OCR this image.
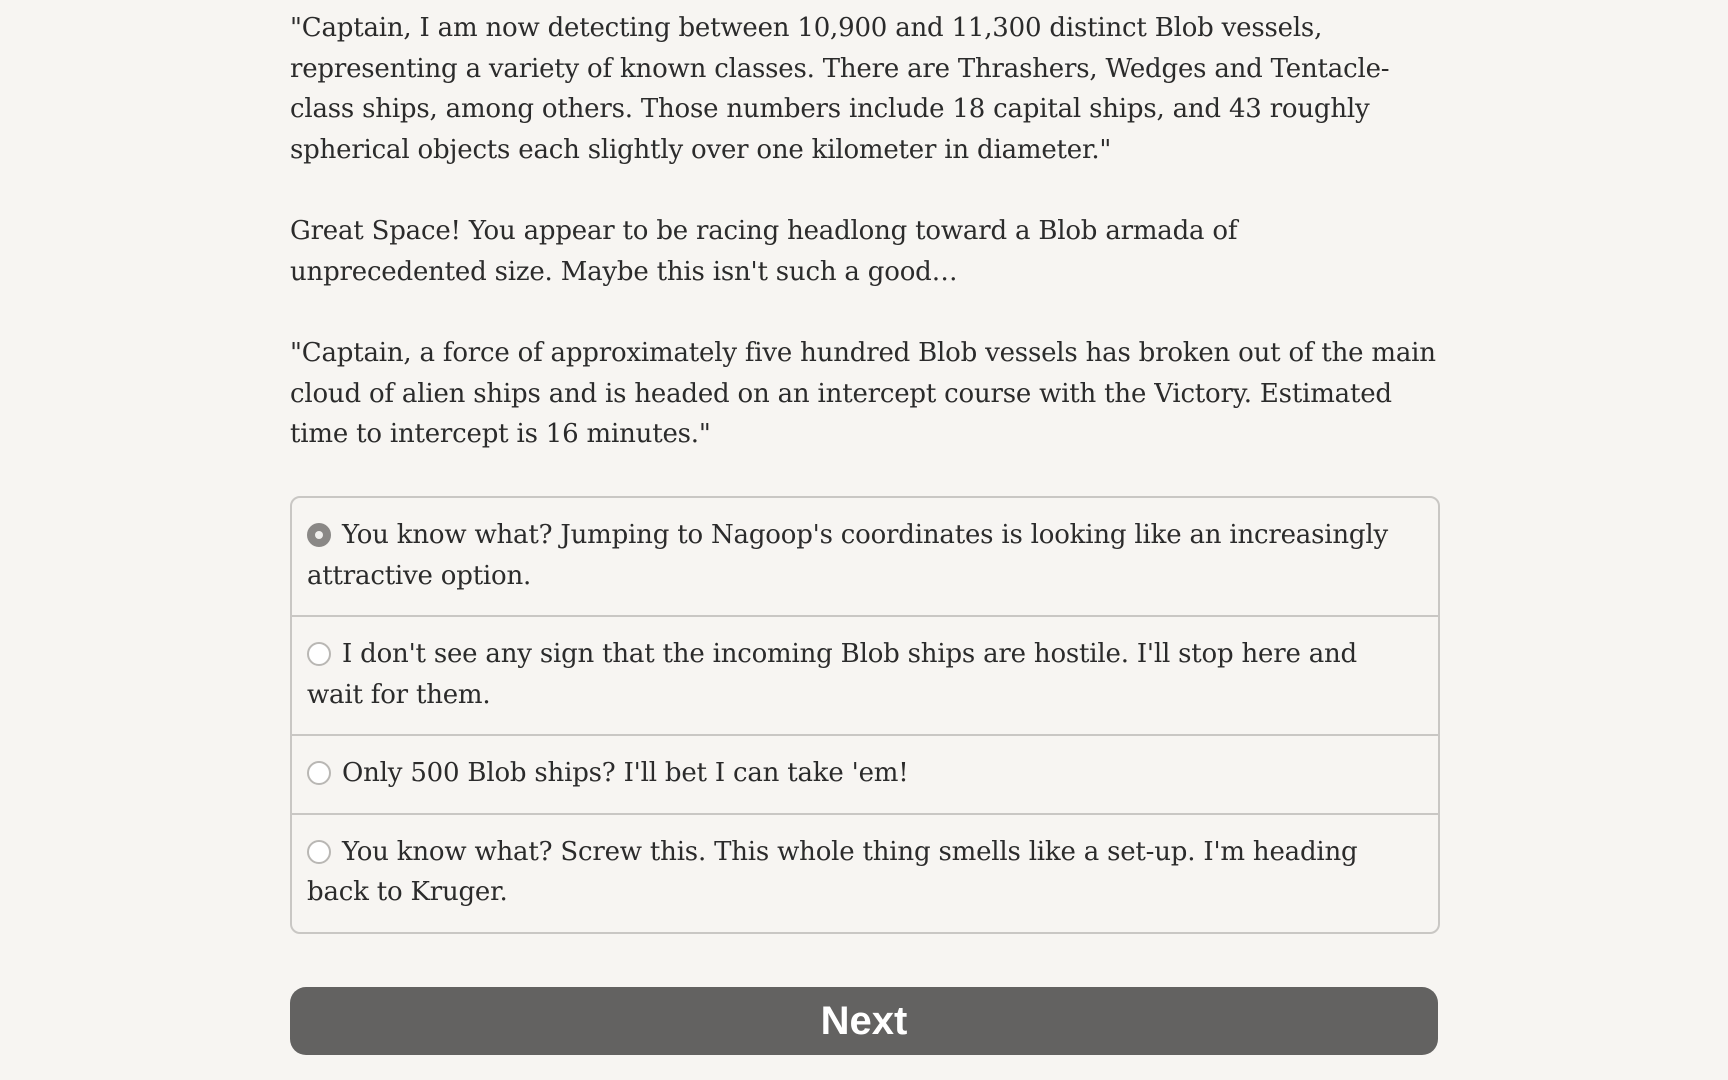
"Captain, I am now detecting between 10,900 and 11,300 distinct Blob vessels, representing a variety of known classes. There are Thrashers, Wedges and Tentacle-class ships, among others. Those numbers include 18 capital ships, and 43 roughly spherical objects each slightly over one kilometer in diameter."

Great Space! You appear to be racing headlong toward a Blob armada of unprecedented size. Maybe this isn't such a good…

"Captain, a force of approximately five hundred Blob vessels has broken out of the main cloud of alien ships and is headed on an intercept course with the Victory. Estimated time to intercept is 16 minutes."

You know what? Jumping to Nagoop's coordinates is looking like an increasingly attractive option.
I don't see any sign that the incoming Blob ships are hostile. I'll stop here and wait for them.
Only 500 Blob ships? I'll bet I can take 'em!
You know what? Screw this. This whole thing smells like a set-up. I'm heading back to Kruger.
Next
